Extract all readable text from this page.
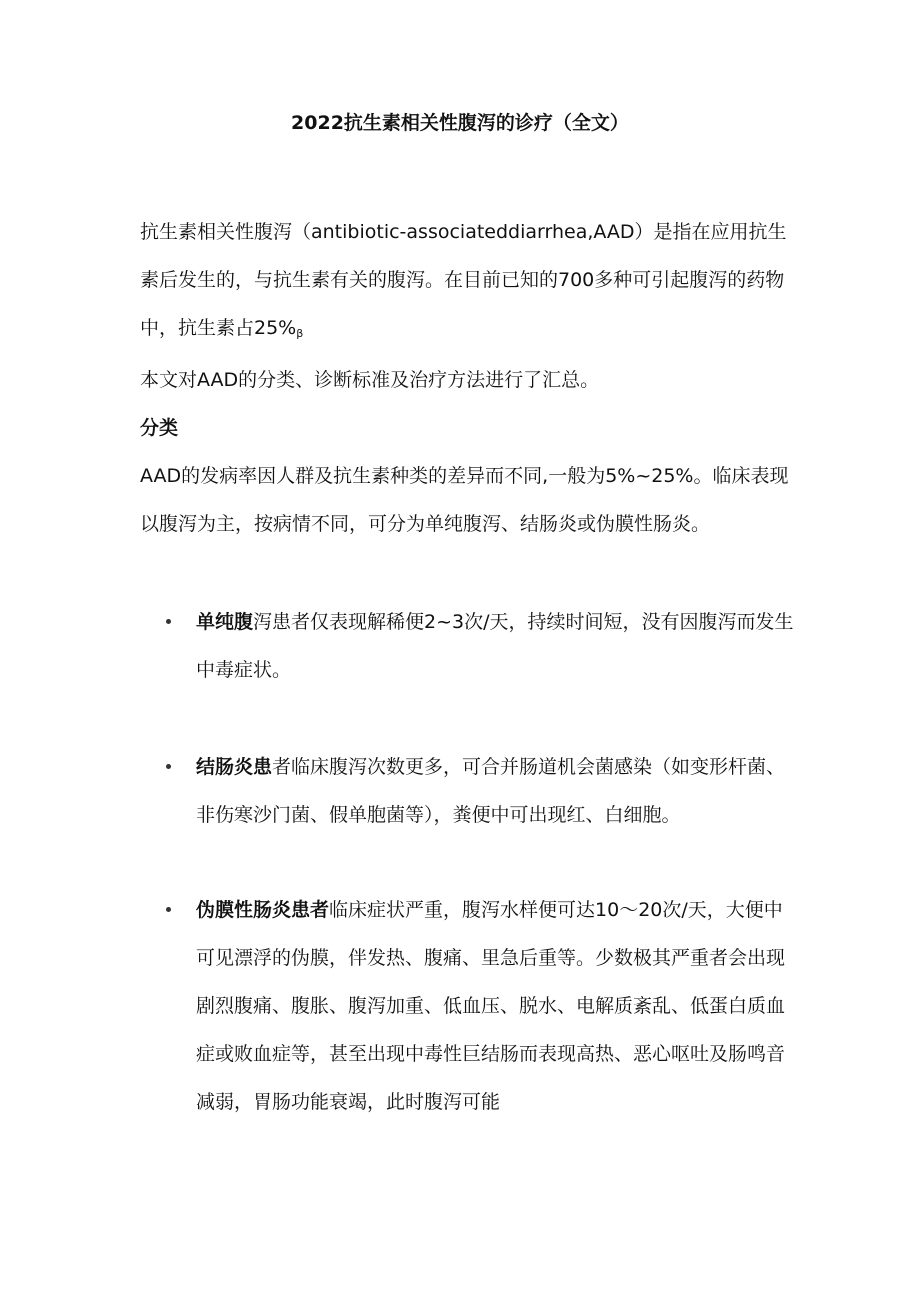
2022抗生素相关性腹泻的诊疗（全文）
抗生素相关性腹泻（antibiotic-associateddiarrhea,AAD）是指在应用抗生素后发生的，与抗生素有关的腹泻。在目前已知的700多种可引起腹泻的药物中，抗生素占$25\%_\beta$
本文对AAD的分类、诊断标准及治疗方法进行了汇总。
分类
AAD的发病率因人群及抗生素种类的差异而不同,一般为5%~25%。临床表现以腹泻为主，按病情不同，可分为单纯腹泻、结肠炎或伪膜性肠炎。
单纯腹泻患者仅表现解稀便2~3次/天，持续时间短，没有因腹泻而发生中毒症状。
结肠炎患者临床腹泻次数更多，可合并肠道机会菌感染（如变形杆菌、非伤寒沙门菌、假单胞菌等），粪便中可出现红、白细胞。
伪膜性肠炎患者临床症状严重，腹泻水样便可达10〜20次/天，大便中可见漂浮的伪膜，伴发热、腹痛、里急后重等。少数极其严重者会出现剧烈腹痛、腹胀、腹泻加重、低血压、脱水、电解质紊乱、低蛋白质血症或败血症等，甚至出现中毒性巨结肠而表现高热、恶心呕吐及肠鸣音减弱，胃肠功能衰竭，此时腹泻可能
